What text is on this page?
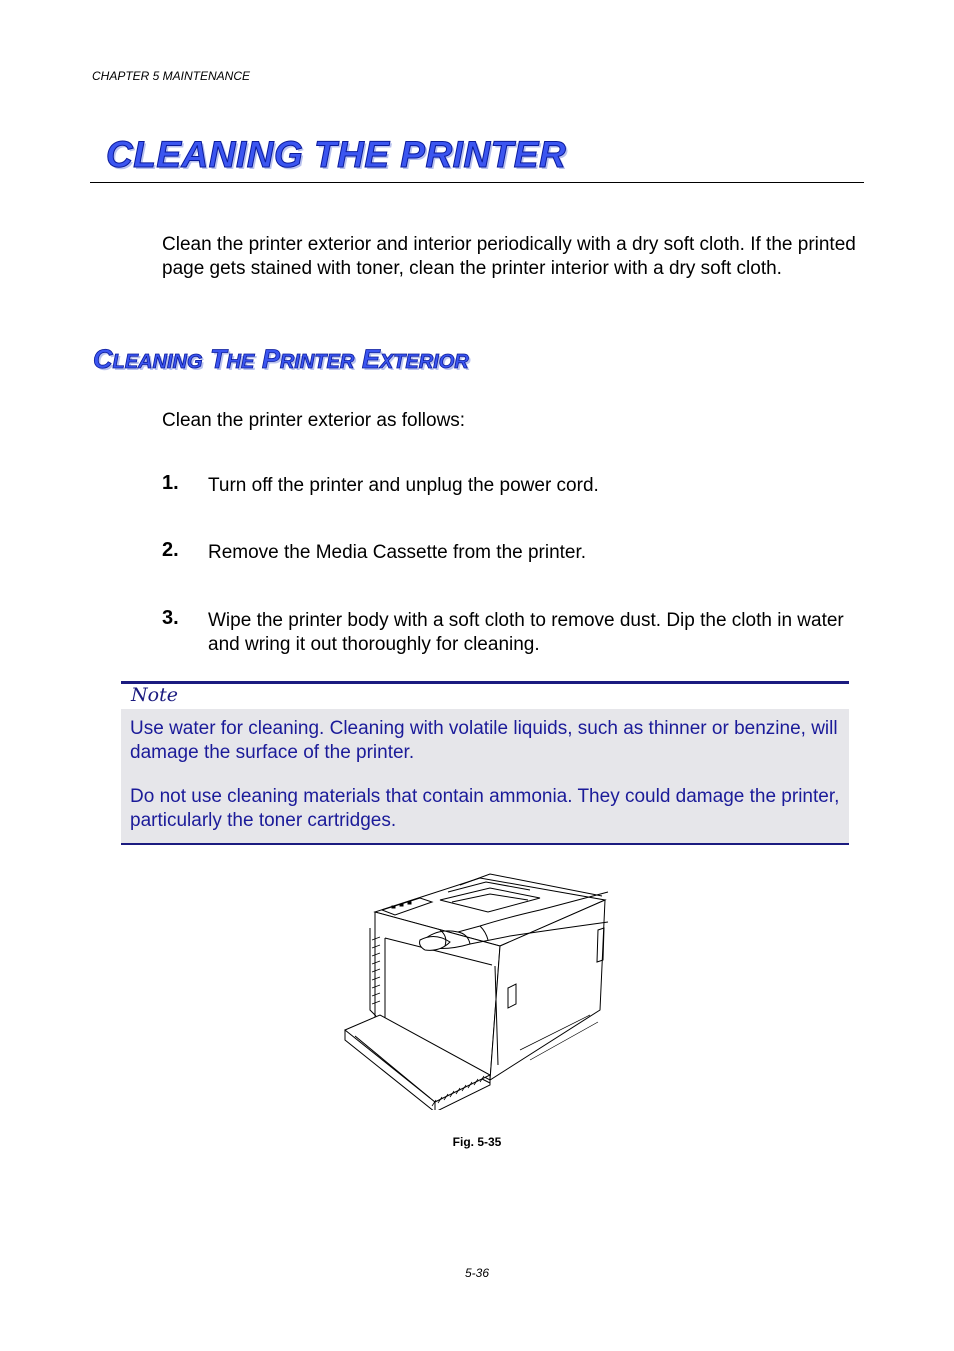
CHAPTER 5 MAINTENANCE
CLEANING THE PRINTER
Clean the printer exterior and interior periodically with a dry soft cloth. If the printed page gets stained with toner, clean the printer interior with a dry soft cloth.
CLEANING THE PRINTER EXTERIOR
Clean the printer exterior as follows:
1. Turn off the printer and unplug the power cord.
2. Remove the Media Cassette from the printer.
3. Wipe the printer body with a soft cloth to remove dust. Dip the cloth in water and wring it out thoroughly for cleaning.
Note
Use water for cleaning. Cleaning with volatile liquids, such as thinner or benzine, will damage the surface of the printer.
Do not use cleaning materials that contain ammonia. They could damage the printer, particularly the toner cartridges.
Fig. 5-35
5-36
